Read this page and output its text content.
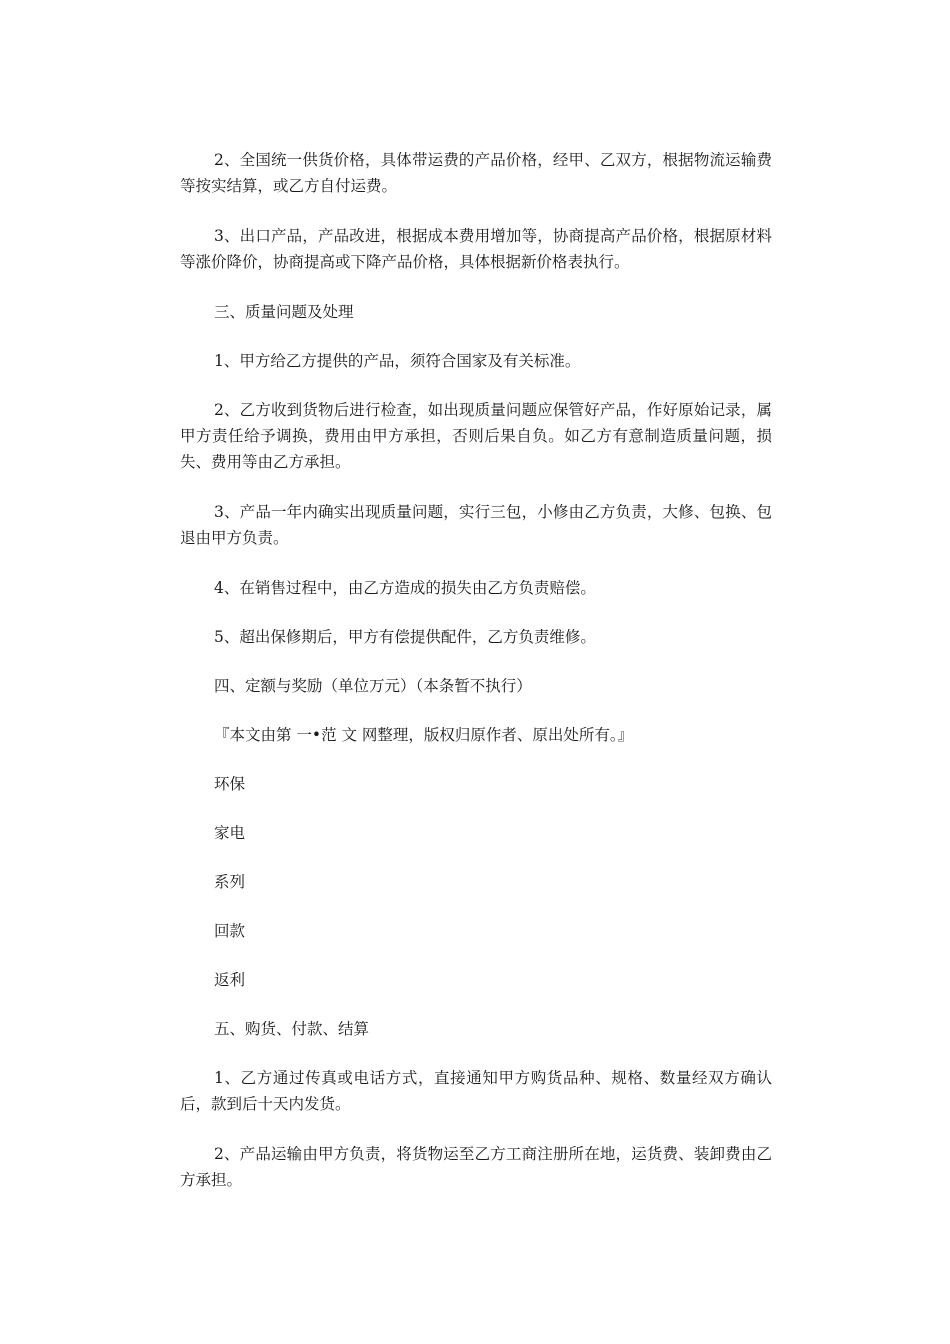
2、全国统一供货价格，具体带运费的产品价格，经甲、乙双方，根据物流运输费等按实结算，或乙方自付运费。

3、出口产品，产品改进，根据成本费用增加等，协商提高产品价格，根据原材料等涨价降价，协商提高或下降产品价格，具体根据新价格表执行。

三、质量问题及处理

1、甲方给乙方提供的产品，须符合国家及有关标准。

2、乙方收到货物后进行检查，如出现质量问题应保管好产品，作好原始记录，属甲方责任给予调换，费用由甲方承担，否则后果自负。如乙方有意制造质量问题，损失、费用等由乙方承担。

3、产品一年内确实出现质量问题，实行三包，小修由乙方负责，大修、包换、包退由甲方负责。

4、在销售过程中，由乙方造成的损失由乙方负责赔偿。

5、超出保修期后，甲方有偿提供配件，乙方负责维修。

四、定额与奖励（单位万元）（本条暂不执行）

『本文由第 一•范 文 网整理，版权归原作者、原出处所有。』

环保

家电

系列

回款

返利

五、购货、付款、结算

1、乙方通过传真或电话方式，直接通知甲方购货品种、规格、数量经双方确认后，款到后十天内发货。

2、产品运输由甲方负责，将货物运至乙方工商注册所在地，运货费、装卸费由乙方承担。
